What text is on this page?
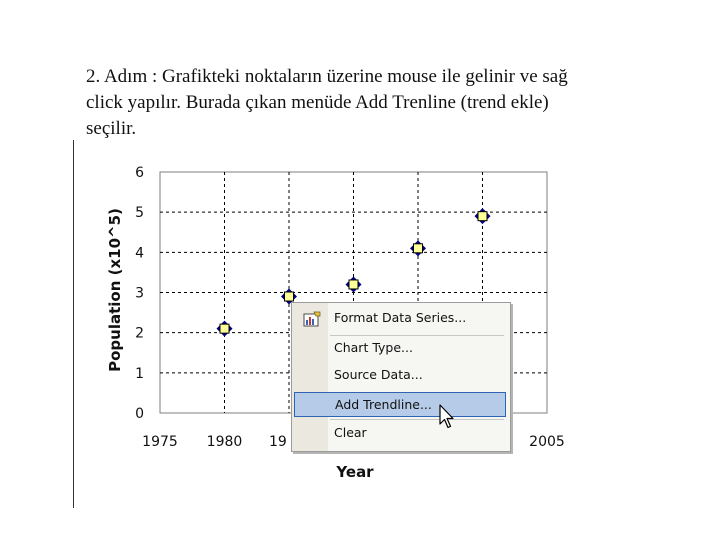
2. Adım : Grafikteki noktaların üzerine mouse ile gelinir ve sağ
click yapılır. Burada çıkan menüde Add Trenline (trend ekle)
seçilir.
Population (x10^5)
Year
0
1
2
3
4
5
6
1975 1980 19	2005
Format Data Series...
Chart Type...
Source Data...
Add Trendline...
Clear
